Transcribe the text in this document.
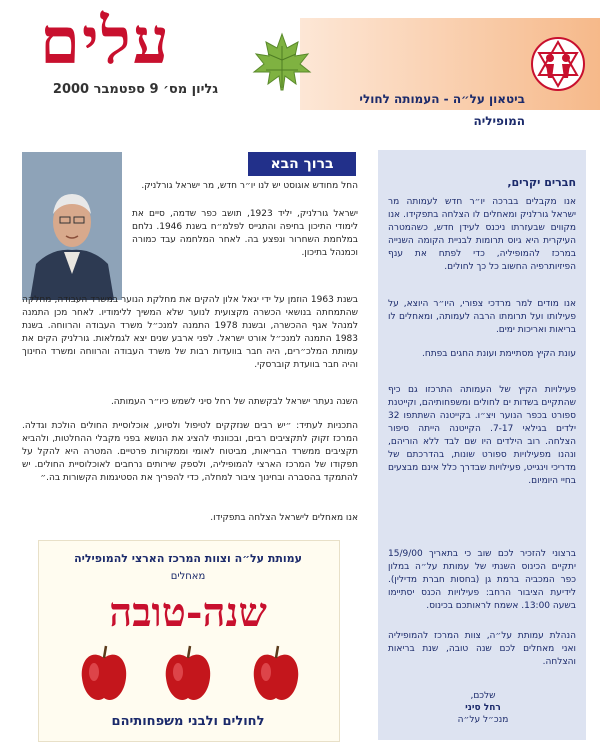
עלים
גליון מס׳ 9 ספטמבר 2000
ביטאון על״ה - העמותה לחולי המופיליה
ברוך הבא
החל מחודש אוגוסט יש לנו יו״ר חדש, מר ישראל גורלניק.
ישראל גורלניק, יליד 1923, תושב כפר שדמה, סיים את לימודי התיכון בחיפה והתגייס לפלמ״ח בשנת 1946. נלחם במלחמת השחרור ונפצע בה. לאחר המלחמה עבד כמורה וכמנהל בתיכון.
בשנת 1963 הוזמן על ידי יגאל אלון להקים את מחלקת הנוער במשרד העבודה, מחלקה שהתמחתה בנושאי הכשרה מקצועית לנוער שלא המשיך ללימודיו. לאחר מכן התמנה למנהל אגף ההכשרה, ובשנת 1978 התמנה למנכ״ל משרד העבודה והרווחה. בשנת 1983 התמנה למנכ״ל אורט ישראל. לפני ארבע שנים יצא לגמלאות. גורלניק הקים את עמותת המלכ״רים, היה חבר בוועדות רבות של משרד העבודה והרווחה ומשרד החינוך והיה חבר בוועדת קוברסקי.
השנה נעתר ישראל לבקשתה של רחל סיני לשמש כיו״ר העמותה.
התכניות לעתיד: ״יש רבים שנזקקים לטיפול ולסיוע, אוכלוסיית החולים הולכת וגדלה. המרכז זקוק לתקציבים רבים, ובכוונתי להציג את הנושא בפני מקבלי ההחלטות, ולהביא תקציבים ממשרד הבריאות, מביטוח לאומי וממקורות פרטיים. המטרה היא להקל על תפקודו של המרכז הארצי להמופיליה, ולספק שירותים נרחבים לאוכלוסיית החולים. יש להתמקד בהסברה ובחינוך ציבור למחלה, כדי להפריך את הסטיגמות הקשורות בה.״
אנו מאחלים לישראל הצלחה בתפקידו.
עמותת על״ה וצוות המרכז הארצי להמופיליה
מאחלים
שנה-טובה
לחולים ולבני משפחותיהם
חברים יקרים,
אנו מקבלים בברכה יו״ר חדש לעמותה מר ישראל גורלניק ומאחלים לו הצלחה בתפקידו. אנו מקווים שבעזרתו ניכנס לעידן חדש, כשהמטרה העיקרית היא גיוס תרומות לבניית הקומה השנייה במרכז להמופיליה, כדי לפתח את ענף הפיזיותרפיה החשוב כל כך לחולים.
אנו מודים למר מרדכי צפורי, היו״ר היוצא, על פעילותו ועל תרומתו הרבה לעמותה, ומאחלים לו בריאות ואריכות ימים.
עונת הקיץ מסתיימת ועונת החגים בפתח.
פעילויות הקיץ של העמותה התרכזו גם כיף שהתקיים בשדות ים לחולים ומשפחותיהם, וקייטנת ספורט בכפר הנוער ויצ״ו. בקייטנה השתתפו 32 ילדים בגילאי 7-17. הקייטנה הייתה סיפור הצלחה. רוב הילדים היו שם לבד ללא הוריהם, ונהנו מפעילויות ספורט שונות, בהדרכתם של מדריכי וינגייט, פעילויות שבדרך כלל אינם מבצעים בחיי היומיום.
ברצוני להזכיר לכם שוב כי בתאריך 15/9/00 יתקיים הכינוס השנתי של עמותת על״ה במלון כפר המכביה ברמת גן (בחסות חברת מדילין). לידיעת הציבור הרחב: פעילויות הכנס יסתיימו בשעה 13:00. אשמח לראותכם בכינוס.
הנהלת עמותת על״ה, צוות המרכז להמופיליה ואני מאחלים לכם שנה טובה, שנת בריאות והצלחה.
שלכם,
רחל סיני
מנכ״ל על״ה
